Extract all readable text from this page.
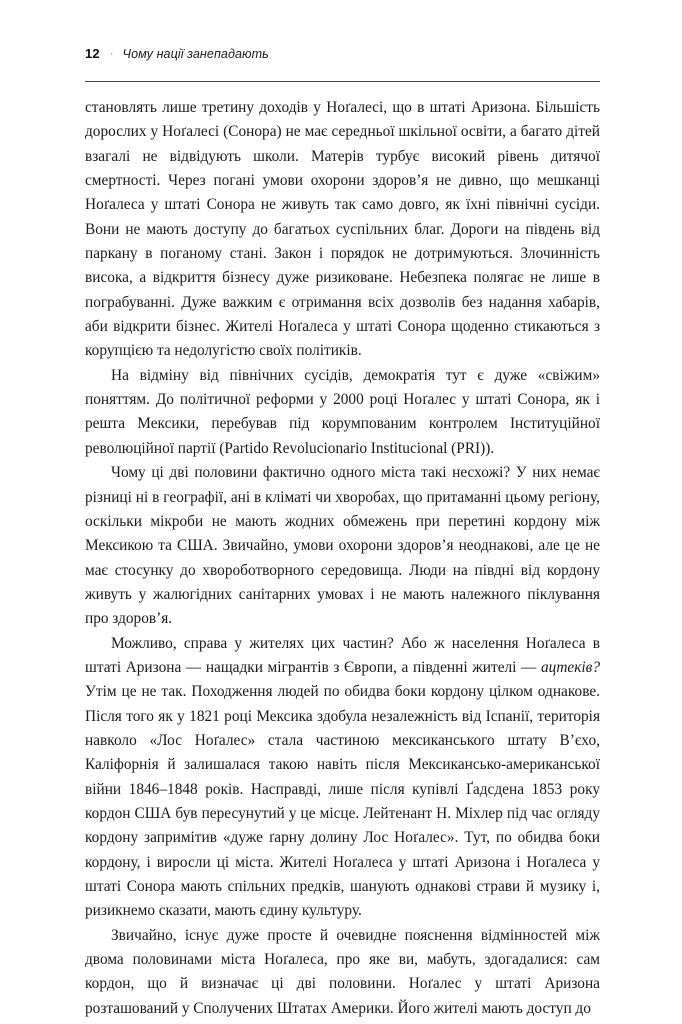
12 · Чому нації занепадають

становлять лише третину доходів у Ноґалесі, що в штаті Аризона. Більшість дорослих у Ноґалесі (Сонора) не має середньої шкільної освіти, а багато дітей взагалі не відвідують школи. Матерів турбує високий рівень дитячої смертності. Через погані умови охорони здоров’я не дивно, що мешканці Ноґалеса у штаті Сонора не живуть так само довго, як їхні північні сусіди. Вони не мають доступу до багатьох суспільних благ. Дороги на південь від паркану в поганому стані. Закон і порядок не дотримуються. Злочинність висока, а відкриття бізнесу дуже ризиковане. Небезпека полягає не лише в пограбуванні. Дуже важким є отримання всіх дозволів без надання хабарів, аби відкрити бізнес. Жителі Ноґалеса у штаті Сонора щоденно стикаються з корупцією та недолугістю своїх політиків.

На відміну від північних сусідів, демократія тут є дуже «свіжим» поняттям. До політичної реформи у 2000 році Ноґалес у штаті Сонора, як і решта Мексики, перебував під корумпованим контролем Інституційної революційної партії (Partido Revolucionario Institucional (PRI)).

Чому ці дві половини фактично одного міста такі несхожі? У них немає різниці ні в географії, ані в кліматі чи хворобах, що притаманні цьому регіону, оскільки мікроби не мають жодних обмежень при перетині кордону між Мексикою та США. Звичайно, умови охорони здоров’я неоднакові, але це не має стосунку до хвороботворного середовища. Люди на півдні від кордону живуть у жалюгідних санітарних умовах і не мають належного піклування про здоров’я.

Можливо, справа у жителях цих частин? Або ж населення Ноґалеса в штаті Аризона — нащадки мігрантів з Європи, а південні жителі — ацтеків? Утім це не так. Походження людей по обидва боки кордону цілком однакове. Після того як у 1821 році Мексика здобула незалежність від Іспанії, територія навколо «Лос Ноґалес» стала частиною мексиканського штату В’єхо, Каліфорнія й залишалася такою навіть після Мексикансько-американської війни 1846–1848 років. Насправді, лише після купівлі Ґадсдена 1853 року кордон США був пересунутий у це місце. Лейтенант Н. Міхлер під час огляду кордону запримітив «дуже ґарну долину Лос Ноґалес». Тут, по обидва боки кордону, і виросли ці міста. Жителі Ноґалеса у штаті Аризона і Ноґалеса у штаті Сонора мають спільних предків, шанують однакові страви й музику і, ризикнемо сказати, мають єдину культуру.

Звичайно, існує дуже просте й очевидне пояснення відмінностей між двома половинами міста Ноґалеса, про яке ви, мабуть, здогадалися: сам кордон, що й визначає ці дві половини. Ноґалес у штаті Аризона розташований у Сполучених Штатах Америки. Його жителі мають доступ до
